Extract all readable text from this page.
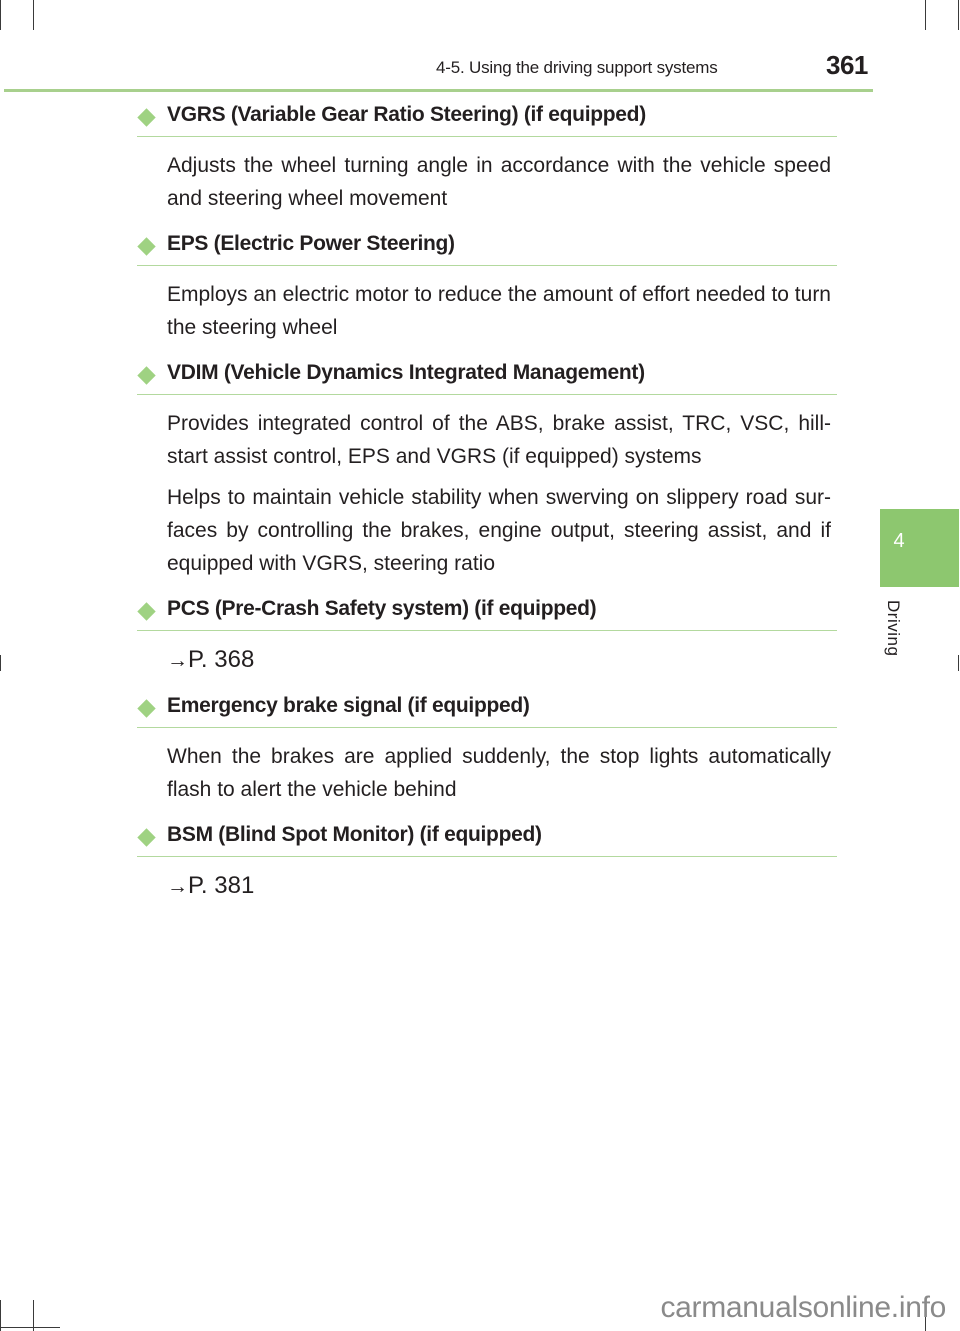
4-5. Using the driving support systems	361
4
Driving
VGRS (Variable Gear Ratio Steering) (if equipped)

Adjusts the wheel turning angle in accordance with the vehicle speed and steering wheel movement

EPS (Electric Power Steering)

Employs an electric motor to reduce the amount of effort needed to turn the steering wheel

VDIM (Vehicle Dynamics Integrated Management)

Provides integrated control of the ABS, brake assist, TRC, VSC, hill-start assist control, EPS and VGRS (if equipped) systems

Helps to maintain vehicle stability when swerving on slippery road sur-faces by controlling the brakes, engine output, steering assist, and if equipped with VGRS, steering ratio

PCS (Pre-Crash Safety system) (if equipped)

→P. 368

Emergency brake signal (if equipped)

When the brakes are applied suddenly, the stop lights automatically flash to alert the vehicle behind

BSM (Blind Spot Monitor) (if equipped)

→P. 381

carmanualsonline.info
